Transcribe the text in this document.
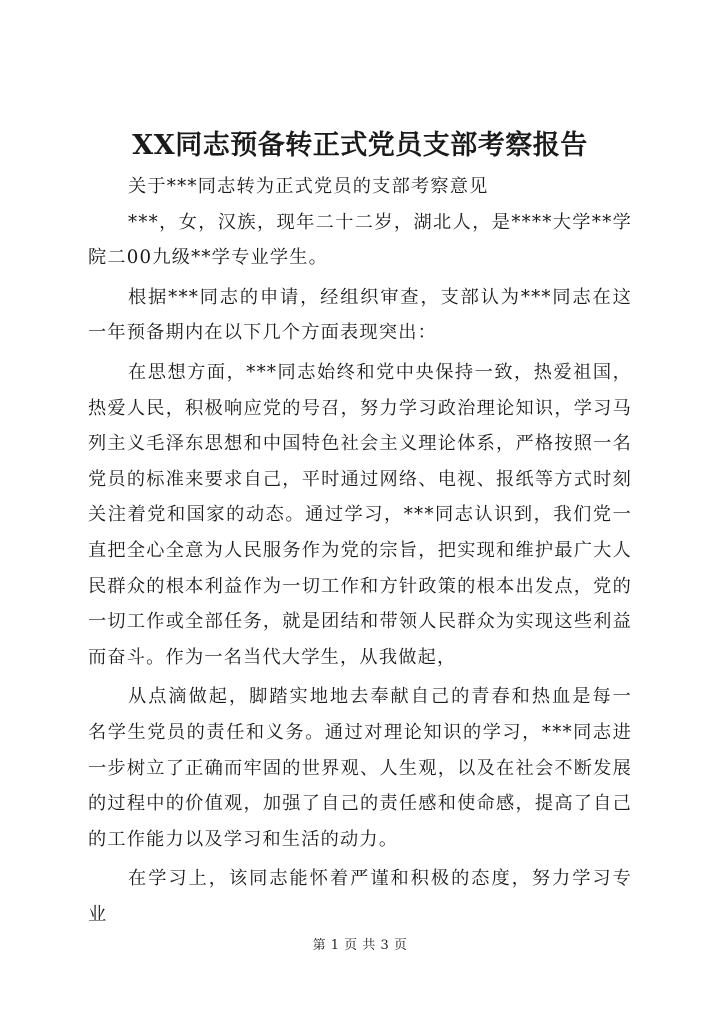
XX同志预备转正式党员支部考察报告

关于***同志转为正式党员的支部考察意见

***，女，汉族，现年二十二岁，湖北人，是****大学**学院二00九级**学专业学生。

根据***同志的申请，经组织审查，支部认为***同志在这一年预备期内在以下几个方面表现突出：

在思想方面，***同志始终和党中央保持一致，热爱祖国，热爱人民，积极响应党的号召，努力学习政治理论知识，学习马列主义毛泽东思想和中国特色社会主义理论体系，严格按照一名党员的标准来要求自己，平时通过网络、电视、报纸等方式时刻关注着党和国家的动态。通过学习，***同志认识到，我们党一直把全心全意为人民服务作为党的宗旨，把实现和维护最广大人民群众的根本利益作为一切工作和方针政策的根本出发点，党的一切工作或全部任务，就是团结和带领人民群众为实现这些利益而奋斗。作为一名当代大学生，从我做起，

从点滴做起，脚踏实地地去奉献自己的青春和热血是每一名学生党员的责任和义务。通过对理论知识的学习，***同志进一步树立了正确而牢固的世界观、人生观，以及在社会不断发展的过程中的价值观，加强了自己的责任感和使命感，提高了自己的工作能力以及学习和生活的动力。

在学习上，该同志能怀着严谨和积极的态度，努力学习专业

第 1 页 共 3 页
